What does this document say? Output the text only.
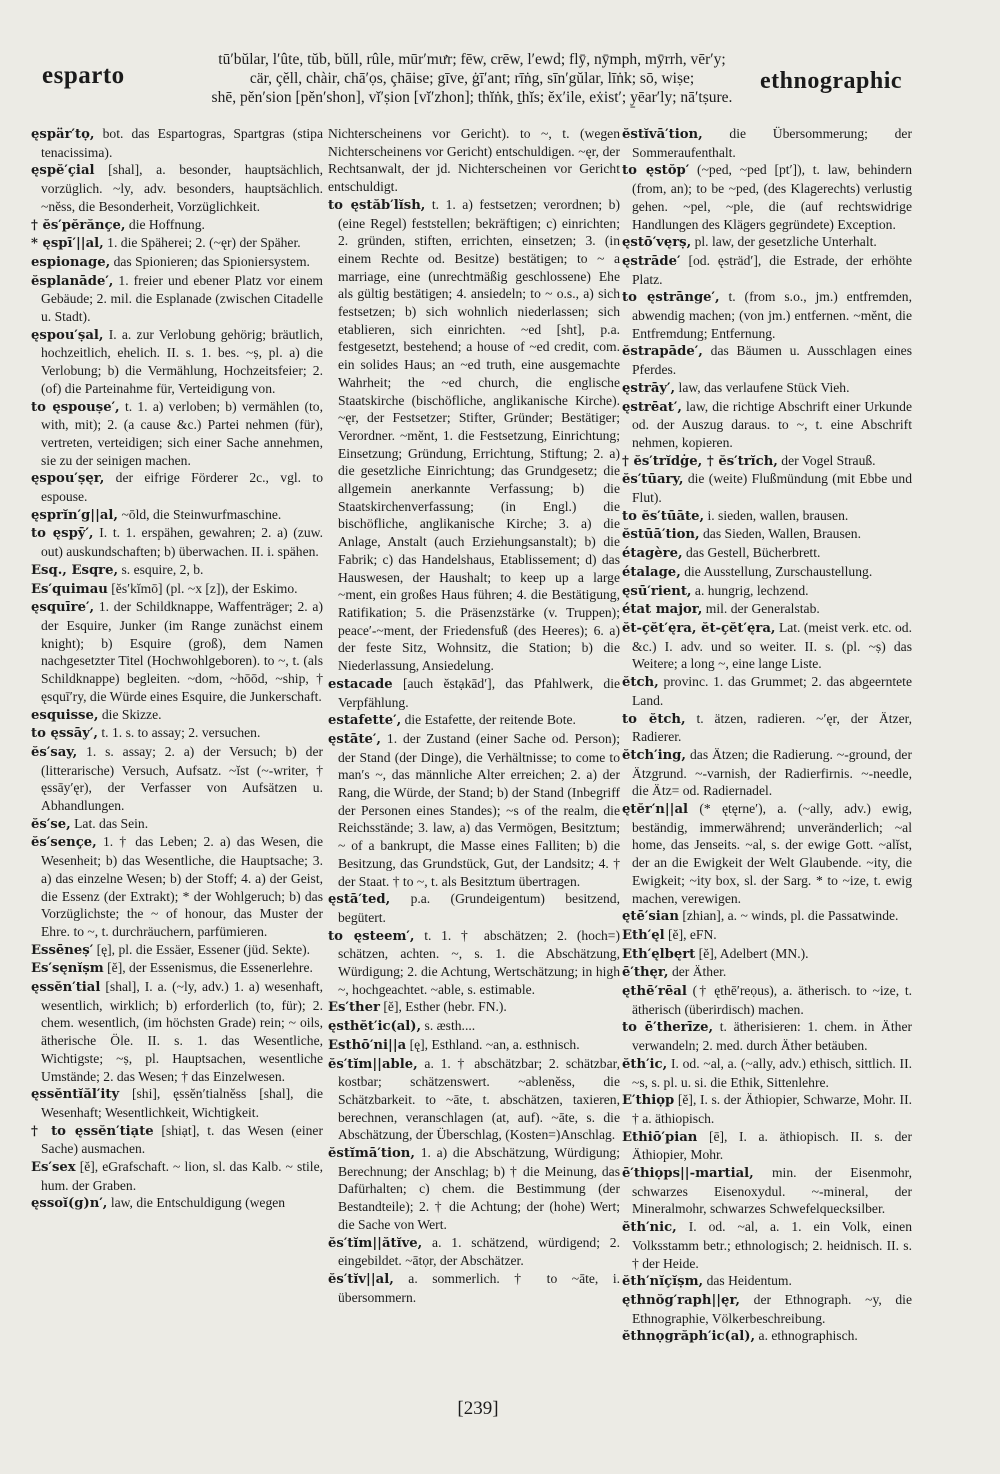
esparto
tū′bŭlar, l′ûte, tŭb, bŭll, rûle, mūr′mưr; fēw, crēw, l′ewd; flȳ, nȳmph, mȳrrh, vēr′y;
cär, çĕll, chàir, chā′ọs, çhāise; gīve, ġī′ant; rīṅg, sīn′gŭlar, līṅk; sō, wiṣe;
shē, pĕn′sion [pĕn′shon], vĭ′ṣion [vĭ′zhon]; thĭṅk, ṯhĭs; ĕx′ile, eẋist′; y̱ēar′ly; nā′tṣure.
ethnographic

ęspär′tọ, bot. das Espartogras, Spartgras (stipa tenacissima).

ęspĕ′çial [shal], a. besonder, hauptsächlich, vorzüglich. ~ly, adv. besonders, hauptsächlich. ~nĕss, die Besonderheit, Vorzüglichkeit.

† ĕs′pĕrănçe, die Hoffnung.

* ęspī′||al, 1. die Späherei; 2. (~ęr) der Späher.

espionage, das Spionieren; das Spioniersystem.

ĕsplanāde′, 1. freier und ebener Platz vor einem Gebäude; 2. mil. die Esplanade (zwischen Citadelle u. Stadt).

ęspou′ṣal, I. a. zur Verlobung gehörig; bräutlich, hochzeitlich, ehelich. II. s. 1. bes. ~ṣ, pl. a) die Verlobung; b) die Vermählung, Hochzeitsfeier; 2. (of) die Parteinahme für, Verteidigung von.

to ęspouṣe′, t. 1. a) verloben; b) vermählen (to, with, mit); 2. (a cause &c.) Partei nehmen (für), vertreten, verteidigen; sich einer Sache annehmen, sie zu der seinigen machen.

ęspou′ṣęr, der eifrige Förderer 2c., vgl. to espouse.

ęsprĭn′g||al, ~ōld, die Steinwurfmaschine.

to ęspȳ′, I. t. 1. erspähen, gewahren; 2. a) (zuw. out) auskundschaften; b) überwachen. II. i. spähen.

Esq., Esqre, s. esquire, 2, b.

Es′quimau [ĕs′kĭmō] (pl. ~x [z]), der Eskimo.

ęsquīre′, 1. der Schildknappe, Waffenträger; 2. a) der Esquire, Junker (im Range zunächst einem knight); b) Esquire (groß), dem Namen nachgesetzter Titel (Hochwohlgeboren). to ~, t. (als Schildknappe) begleiten. ~dom, ~hōōd, ~ship, † ęsquī′ry, die Würde eines Esquire, die Junkerschaft.

esquisse, die Skizze.

to ęssāy′, t. 1. s. to assay; 2. versuchen.

ĕs′say, 1. s. assay; 2. a) der Versuch; b) der (litterarische) Versuch, Aufsatz. ~ĭst (~-writer, † ęssāy′ęr), der Verfasser von Aufsätzen u. Abhandlungen.

ĕs′se, Lat. das Sein.

ĕs′sençe, 1. † das Leben; 2. a) das Wesen, die Wesenheit; b) das Wesentliche, die Hauptsache; 3. a) das einzelne Wesen; b) der Stoff; 4. a) der Geist, die Essenz (der Extrakt); * der Wohlgeruch; b) das Vorzüglichste; the ~ of honour, das Muster der Ehre. to ~, t. durchräuchern, parfümieren.

Essēneṣ′ [ę], pl. die Essäer, Essener (jüd. Sekte).

Es′sęnĭṣm [ĕ], der Essenismus, die Essenerlehre.

ęssĕn′tial [shal], I. a. (~ly, adv.) 1. a) wesenhaft, wesentlich, wirklich; b) erforderlich (to, für); 2. chem. wesentlich, (im höchsten Grade) rein; ~ oils, ätherische Öle. II. s. 1. das Wesentliche, Wichtigste; ~ṣ, pl. Hauptsachen, wesentliche Umstände; 2. das Wesen; † das Einzelwesen.

ęssĕntĭăl′ity [shi], ęssĕn′tialnĕss [shal], die Wesenhaft; Wesentlichkeit, Wichtigkeit.

† to ęssĕn′tiạte [shiạt], t. das Wesen (einer Sache) ausmachen.

Es′sex [ĕ], eGrafschaft. ~ lion, sl. das Kalb. ~ stile, hum. der Graben.

ęssoĭ(g)n′, law, die Entschuldigung (wegen

Nichterscheinens vor Gericht). to ~, t. (wegen Nichterscheinens vor Gericht) entschuldigen. ~ęr, der Rechtsanwalt, der jd. Nichterscheinen vor Gericht entschuldigt.

to ęstăb′lĭsh, t. 1. a) festsetzen; verordnen; b) (eine Regel) feststellen; bekräftigen; c) einrichten; 2. gründen, stiften, errichten, einsetzen; 3. (in einem Rechte od. Besitze) bestätigen; to ~ a marriage, eine (unrechtmäßig geschlossene) Ehe als gültig bestätigen; 4. ansiedeln; to ~ o.s., a) sich festsetzen; b) sich wohnlich niederlassen; sich etablieren, sich einrichten. ~ed [sht], p.a. festgesetzt, bestehend; a house of ~ed credit, com. ein solides Haus; an ~ed truth, eine ausgemachte Wahrheit; the ~ed church, die englische Staatskirche (bischöfliche, anglikanische Kirche). ~ęr, der Festsetzer; Stifter, Gründer; Bestätiger; Verordner. ~mĕnt, 1. die Festsetzung, Einrichtung; Einsetzung; Gründung, Errichtung, Stiftung; 2. a) die gesetzliche Einrichtung; das Grundgesetz; die allgemein anerkannte Verfassung; b) die Staatskirchenverfassung; (in Engl.) die bischöfliche, anglikanische Kirche; 3. a) die Anlage, Anstalt (auch Erziehungsanstalt); b) die Fabrik; c) das Handelshaus, Etablissement; d) das Hauswesen, der Haushalt; to keep up a large ~ment, ein großes Haus führen; 4. die Bestätigung, Ratifikation; 5. die Präsenzstärke (v. Truppen); peace′-~ment, der Friedensfuß (des Heeres); 6. a) der feste Sitz, Wohnsitz, die Station; b) die Niederlassung, Ansiedelung.

estacade [auch ĕstạkād′], das Pfahlwerk, die Verpfählung.

estafette′, die Estafette, der reitende Bote.

ęstāte′, 1. der Zustand (einer Sache od. Person); der Stand (der Dinge), die Verhältnisse; to come to man′s ~, das männliche Alter erreichen; 2. a) der Rang, die Würde, der Stand; b) der Stand (Inbegriff der Personen eines Standes); ~s of the realm, die Reichsstände; 3. law, a) das Vermögen, Besitztum; ~ of a bankrupt, die Masse eines Falliten; b) die Besitzung, das Grundstück, Gut, der Landsitz; 4. † der Staat. † to ~, t. als Besitztum übertragen.

ęstā′ted, p.a. (Grundeigentum) besitzend, begütert.

to ęsteem′, t. 1. † abschätzen; 2. (hoch=) schätzen, achten. ~, s. 1. die Abschätzung, Würdigung; 2. die Achtung, Wertschätzung; in high ~, hochgeachtet. ~able, s. estimable.

Es′ther [ĕ], Esther (hebr. FN.).

ęsthĕt′ic(al), s. æsth....

Esthō′ni||a [ę], Esthland. ~an, a. esthnisch.

ĕs′tĭm||able, a. 1. † abschätzbar; 2. schätzbar, kostbar; schätzenswert. ~ablenĕss, die Schätzbarkeit. to ~āte, t. abschätzen, taxieren, berechnen, veranschlagen (at, auf). ~āte, s. die Abschätzung, der Überschlag, (Kosten=)Anschlag.

ĕstĭmā′tion, 1. a) die Abschätzung, Würdigung; Berechnung; der Anschlag; b) † die Meinung, das Dafürhalten; c) chem. die Bestimmung (der Bestandteile); 2. † die Achtung; der (hohe) Wert; die Sache von Wert.

ĕs′tĭm||ătĭve, a. 1. schätzend, würdigend; 2. eingebildet. ~ātọr, der Abschätzer.

ĕs′tĭv||al, a. sommerlich. † to ~āte, i. übersommern.

ĕstĭvā′tion, die Übersommerung; der Sommeraufenthalt.

to ęstŏp′ (~ped, ~ped [pt′]), t. law, behindern (from, an); to be ~ped, (des Klagerechts) verlustig gehen. ~pel, ~ple, die (auf rechtswidrige Handlungen des Klägers gegründete) Exception.

ęstō′vęrṣ, pl. law, der gesetzliche Unterhalt.

ęstrāde′ [od. ęsträd′], die Estrade, der erhöhte Platz.

to ęstrānge′, t. (from s.o., jm.) entfremden, abwendig machen; (von jm.) entfernen. ~mĕnt, die Entfremdung; Entfernung.

ĕstrapāde′, das Bäumen u. Ausschlagen eines Pferdes.

ęstrāy′, law, das verlaufene Stück Vieh.

ęstrēat′, law, die richtige Abschrift einer Urkunde od. der Auszug daraus. to ~, t. eine Abschrift nehmen, kopieren.

† ĕs′trĭdġe, † ĕs′trĭch, der Vogel Strauß.

ĕs′tūary, die (weite) Flußmündung (mit Ebbe und Flut).

to ĕs′tūāte, i. sieden, wallen, brausen.

ĕstūā′tion, das Sieden, Wallen, Brausen.

étagère, das Gestell, Bücherbrett.

étalage, die Ausstellung, Zurschaustellung.

ęsū′rient, a. hungrig, lechzend.

état major, mil. der Generalstab.

ĕt-çĕt′ęra, ĕt-çĕt′ęra, Lat. (meist verk. etc. od. &c.) I. adv. und so weiter. II. s. (pl. ~ṣ) das Weitere; a long ~, eine lange Liste.

ĕtch, provinc. 1. das Grummet; 2. das abgeerntete Land.

to ĕtch, t. ätzen, radieren. ~′ęr, der Ätzer, Radierer.

ĕtch′ing, das Ätzen; die Radierung. ~-ground, der Ätzgrund. ~-varnish, der Radierfirnis. ~-needle, die Ätz= od. Radiernadel.

ętĕr′n||al (* ętęrne′), a. (~ally, adv.) ewig, beständig, immerwährend; unveränderlich; ~al home, das Jenseits. ~al, s. der ewige Gott. ~alĭst, der an die Ewigkeit der Welt Glaubende. ~ity, die Ewigkeit; ~ity box, sl. der Sarg. * to ~ize, t. ewig machen, verewigen.

ętē′sian [zhian], a. ~ winds, pl. die Passatwinde.

Eth′ęl [ĕ], eFN.

Eth′ęlbęrt [ĕ], Adelbert (MN.).

ē′thęr, der Äther.

ęthē′rēal († ęthē′reọus), a. ätherisch. to ~ize, t. ätherisch (überirdisch) machen.

to ē′therīze, t. ätherisieren: 1. chem. in Äther verwandeln; 2. med. durch Äther betäuben.

ĕth′ic, I. od. ~al, a. (~ally, adv.) ethisch, sittlich. II. ~s, s. pl. u. si. die Ethik, Sittenlehre.

E′thiọp [ĕ], I. s. der Äthiopier, Schwarze, Mohr. II. † a. äthiopisch.

Ethiō′pian [ē], I. a. äthiopisch. II. s. der Äthiopier, Mohr.

ē′thiọps||-martial, min. der Eisenmohr, schwarzes Eisenoxydul. ~-mineral, der Mineralmohr, schwarzes Schwefelquecksilber.

ĕth′nic, I. od. ~al, a. 1. ein Volk, einen Volksstamm betr.; ethnologisch; 2. heidnisch. II. s. † der Heide.

ĕth′nĭçĭṣm, das Heidentum.

ęthnŏg′raph||ęr, der Ethnograph. ~y, die Ethnographie, Völkerbeschreibung.

ĕthnọgrăph′ic(al), a. ethnographisch.

[239]
